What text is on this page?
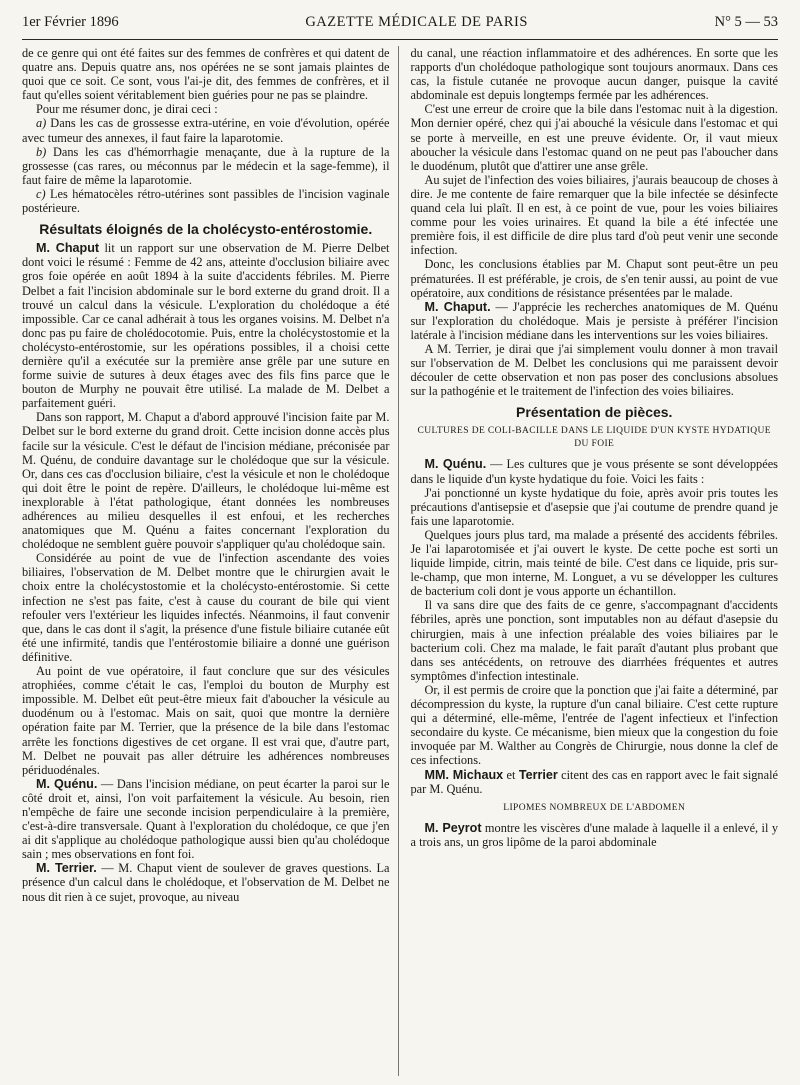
1er Février 1896	GAZETTE MÉDICALE DE PARIS	N° 5 — 53

de ce genre qui ont été faites sur des femmes de confrères et qui datent de quatre ans. Depuis quatre ans, nos opérées ne se sont jamais plaintes de quoi que ce soit. Ce sont, vous l'ai-je dit, des femmes de confrères, et il faut qu'elles soient véritablement bien guéries pour ne pas se plaindre.

Pour me résumer donc, je dirai ceci :

a) Dans les cas de grossesse extra-utérine, en voie d'évolution, opérée avec tumeur des annexes, il faut faire la laparotomie.

b) Dans les cas d'hémorrhagie menaçante, due à la rupture de la grossesse (cas rares, ou méconnus par le médecin et la sage-femme), il faut faire de même la laparotomie.

c) Les hématocèles rétro-utérines sont passibles de l'incision vaginale postérieure.

Résultats éloignés de la cholécysto-entérostomie.

M. Chaput lit un rapport sur une observation de M. Pierre Delbet dont voici le résumé : Femme de 42 ans, atteinte d'occlusion biliaire avec gros foie opérée en août 1894 à la suite d'accidents fébriles. M. Pierre Delbet a fait l'incision abdominale sur le bord externe du grand droit. Il a trouvé un calcul dans la vésicule. L'exploration du cholédoque a été impossible. Car ce canal adhérait à tous les organes voisins. M. Delbet n'a donc pas pu faire de cholédocotomie. Puis, entre la cholécystostomie et la cholécysto-entérostomie, sur les opérations possibles, il a choisi cette dernière qu'il a exécutée sur la première anse grêle par une suture en forme suivie de sutures à deux étages avec des fils fins parce que le bouton de Murphy ne pouvait être utilisé. La malade de M. Delbet a parfaitement guéri.

Dans son rapport, M. Chaput a d'abord approuvé l'incision faite par M. Delbet sur le bord externe du grand droit. Cette incision donne accès plus facile sur la vésicule. C'est le défaut de l'incision médiane, préconisée par M. Quénu, de conduire davantage sur le cholédoque que sur la vésicule. Or, dans ces cas d'occlusion biliaire, c'est la vésicule et non le cholédoque qui doit être le point de repère. D'ailleurs, le cholédoque lui-même est inexplorable à l'état pathologique, étant données les nombreuses adhérences au milieu desquelles il est enfoui, et les recherches anatomiques que M. Quénu a faites concernant l'exploration du cholédoque ne semblent guère pouvoir s'appliquer qu'au cholédoque sain.

Considérée au point de vue de l'infection ascendante des voies biliaires, l'observation de M. Delbet montre que le chirurgien avait le choix entre la cholécystostomie et la cholécysto-entérostomie. Si cette infection ne s'est pas faite, c'est à cause du courant de bile qui vient refouler vers l'extérieur les liquides infectés. Néanmoins, il faut convenir que, dans le cas dont il s'agit, la présence d'une fistule biliaire cutanée eût été une infirmité, tandis que l'entérostomie biliaire a donné une guérison définitive.

Au point de vue opératoire, il faut conclure que sur des vésicules atrophiées, comme c'était le cas, l'emploi du bouton de Murphy est impossible. M. Delbet eût peut-être mieux fait d'aboucher la vésicule au duodénum ou à l'estomac. Mais on sait, quoi que montre la dernière opération faite par M. Terrier, que la présence de la bile dans l'estomac arrête les fonctions digestives de cet organe. Il est vrai que, d'autre part, M. Delbet ne pouvait pas aller détruire les adhérences nombreuses périduodénales.

M. Quénu. — Dans l'incision médiane, on peut écarter la paroi sur le côté droit et, ainsi, l'on voit parfaitement la vésicule. Au besoin, rien n'empêche de faire une seconde incision perpendiculaire à la première, c'est-à-dire transversale. Quant à l'exploration du cholédoque, ce que j'en ai dit s'applique au cholédoque pathologique aussi bien qu'au cholédoque sain ; mes observations en font foi.

M. Terrier. — M. Chaput vient de soulever de graves questions. La présence d'un calcul dans le cholédoque, et l'observation de M. Delbet ne nous dit rien à ce sujet, provoque, au niveau

du canal, une réaction inflammatoire et des adhérences. En sorte que les rapports d'un cholédoque pathologique sont toujours anormaux. Dans ces cas, la fistule cutanée ne provoque aucun danger, puisque la cavité abdominale est depuis longtemps fermée par les adhérences.

C'est une erreur de croire que la bile dans l'estomac nuit à la digestion. Mon dernier opéré, chez qui j'ai abouché la vésicule dans l'estomac et qui se porte à merveille, en est une preuve évidente. Or, il vaut mieux aboucher la vésicule dans l'estomac quand on ne peut pas l'aboucher dans le duodénum, plutôt que d'attirer une anse grêle.

Au sujet de l'infection des voies biliaires, j'aurais beaucoup de choses à dire. Je me contente de faire remarquer que la bile infectée se désinfecte quand cela lui plaît. Il en est, à ce point de vue, pour les voies biliaires comme pour les voies urinaires. Et quand la bile a été infectée une première fois, il est difficile de dire plus tard d'où peut venir une seconde infection.

Donc, les conclusions établies par M. Chaput sont peut-être un peu prématurées. Il est préférable, je crois, de s'en tenir aussi, au point de vue opératoire, aux conditions de résistance présentées par le malade.

M. Chaput. — J'apprécie les recherches anatomiques de M. Quénu sur l'exploration du cholédoque. Mais je persiste à préférer l'incision latérale à l'incision médiane dans les interventions sur les voies biliaires.

A M. Terrier, je dirai que j'ai simplement voulu donner à mon travail sur l'observation de M. Delbet les conclusions qui me paraissent devoir découler de cette observation et non pas poser des conclusions absolues sur la pathogénie et le traitement de l'infection des voies biliaires.

Présentation de pièces.
CULTURES DE COLI-BACILLE DANS LE LIQUIDE D'UN KYSTE HYDATIQUE DU FOIE

M. Quénu. — Les cultures que je vous présente se sont développées dans le liquide d'un kyste hydatique du foie. Voici les faits :

J'ai ponctionné un kyste hydatique du foie, après avoir pris toutes les précautions d'antisepsie et d'asepsie que j'ai coutume de prendre quand je fais une laparotomie.

Quelques jours plus tard, ma malade a présenté des accidents fébriles. Je l'ai laparotomisée et j'ai ouvert le kyste. De cette poche est sorti un liquide limpide, citrin, mais teinté de bile. C'est dans ce liquide, pris sur-le-champ, que mon interne, M. Longuet, a vu se développer les cultures de bacterium coli dont je vous apporte un échantillon.

Il va sans dire que des faits de ce genre, s'accompagnant d'accidents fébriles, après une ponction, sont imputables non au défaut d'asepsie du chirurgien, mais à une infection préalable des voies biliaires par le bacterium coli. Chez ma malade, le fait paraît d'autant plus probant que dans ses antécédents, on retrouve des diarrhées fréquentes et autres symptômes d'infection intestinale.

Or, il est permis de croire que la ponction que j'ai faite a déterminé, par décompression du kyste, la rupture d'un canal biliaire. C'est cette rupture qui a déterminé, elle-même, l'entrée de l'agent infectieux et l'infection secondaire du kyste. Ce mécanisme, bien mieux que la congestion du foie invoquée par M. Walther au Congrès de Chirurgie, nous donne la clef de ces infections.

MM. Michaux et Terrier citent des cas en rapport avec le fait signalé par M. Quénu.

LIPOMES NOMBREUX DE L'ABDOMEN

M. Peyrot montre les viscères d'une malade à laquelle il a enlevé, il y a trois ans, un gros lipôme de la paroi abdominale
